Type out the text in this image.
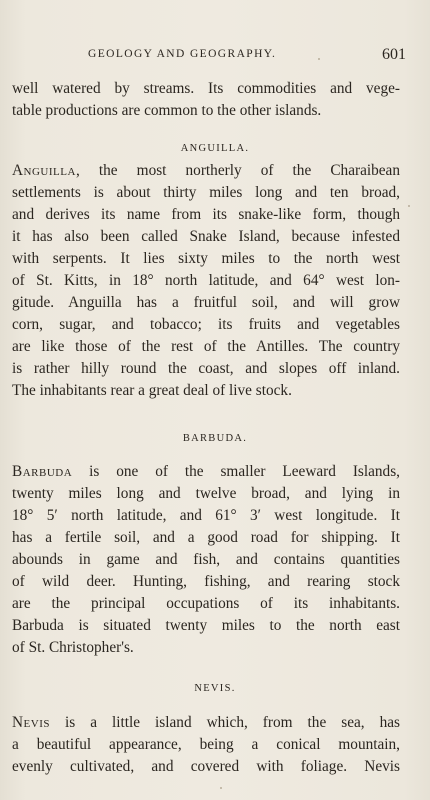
GEOLOGY AND GEOGRAPHY.	601
well watered by streams. Its commodities and vege-
table productions are common to the other islands.
ANGUILLA.
Anguilla, the most northerly of the Charaibean
settlements is about thirty miles long and ten broad,
and derives its name from its snake-like form, though
it has also been called Snake Island, because infested
with serpents. It lies sixty miles to the north west
of St. Kitts, in 18° north latitude, and 64° west lon-
gitude. Anguilla has a fruitful soil, and will grow
corn, sugar, and tobacco; its fruits and vegetables
are like those of the rest of the Antilles. The country
is rather hilly round the coast, and slopes off inland.
The inhabitants rear a great deal of live stock.
BARBUDA.
Barbuda is one of the smaller Leeward Islands,
twenty miles long and twelve broad, and lying in
18° 5′ north latitude, and 61° 3′ west longitude. It
has a fertile soil, and a good road for shipping. It
abounds in game and fish, and contains quantities
of wild deer. Hunting, fishing, and rearing stock
are the principal occupations of its inhabitants.
Barbuda is situated twenty miles to the north east
of St. Christopher's.
NEVIS.
Nevis is a little island which, from the sea, has
a beautiful appearance, being a conical mountain,
evenly cultivated, and covered with foliage. Nevis
